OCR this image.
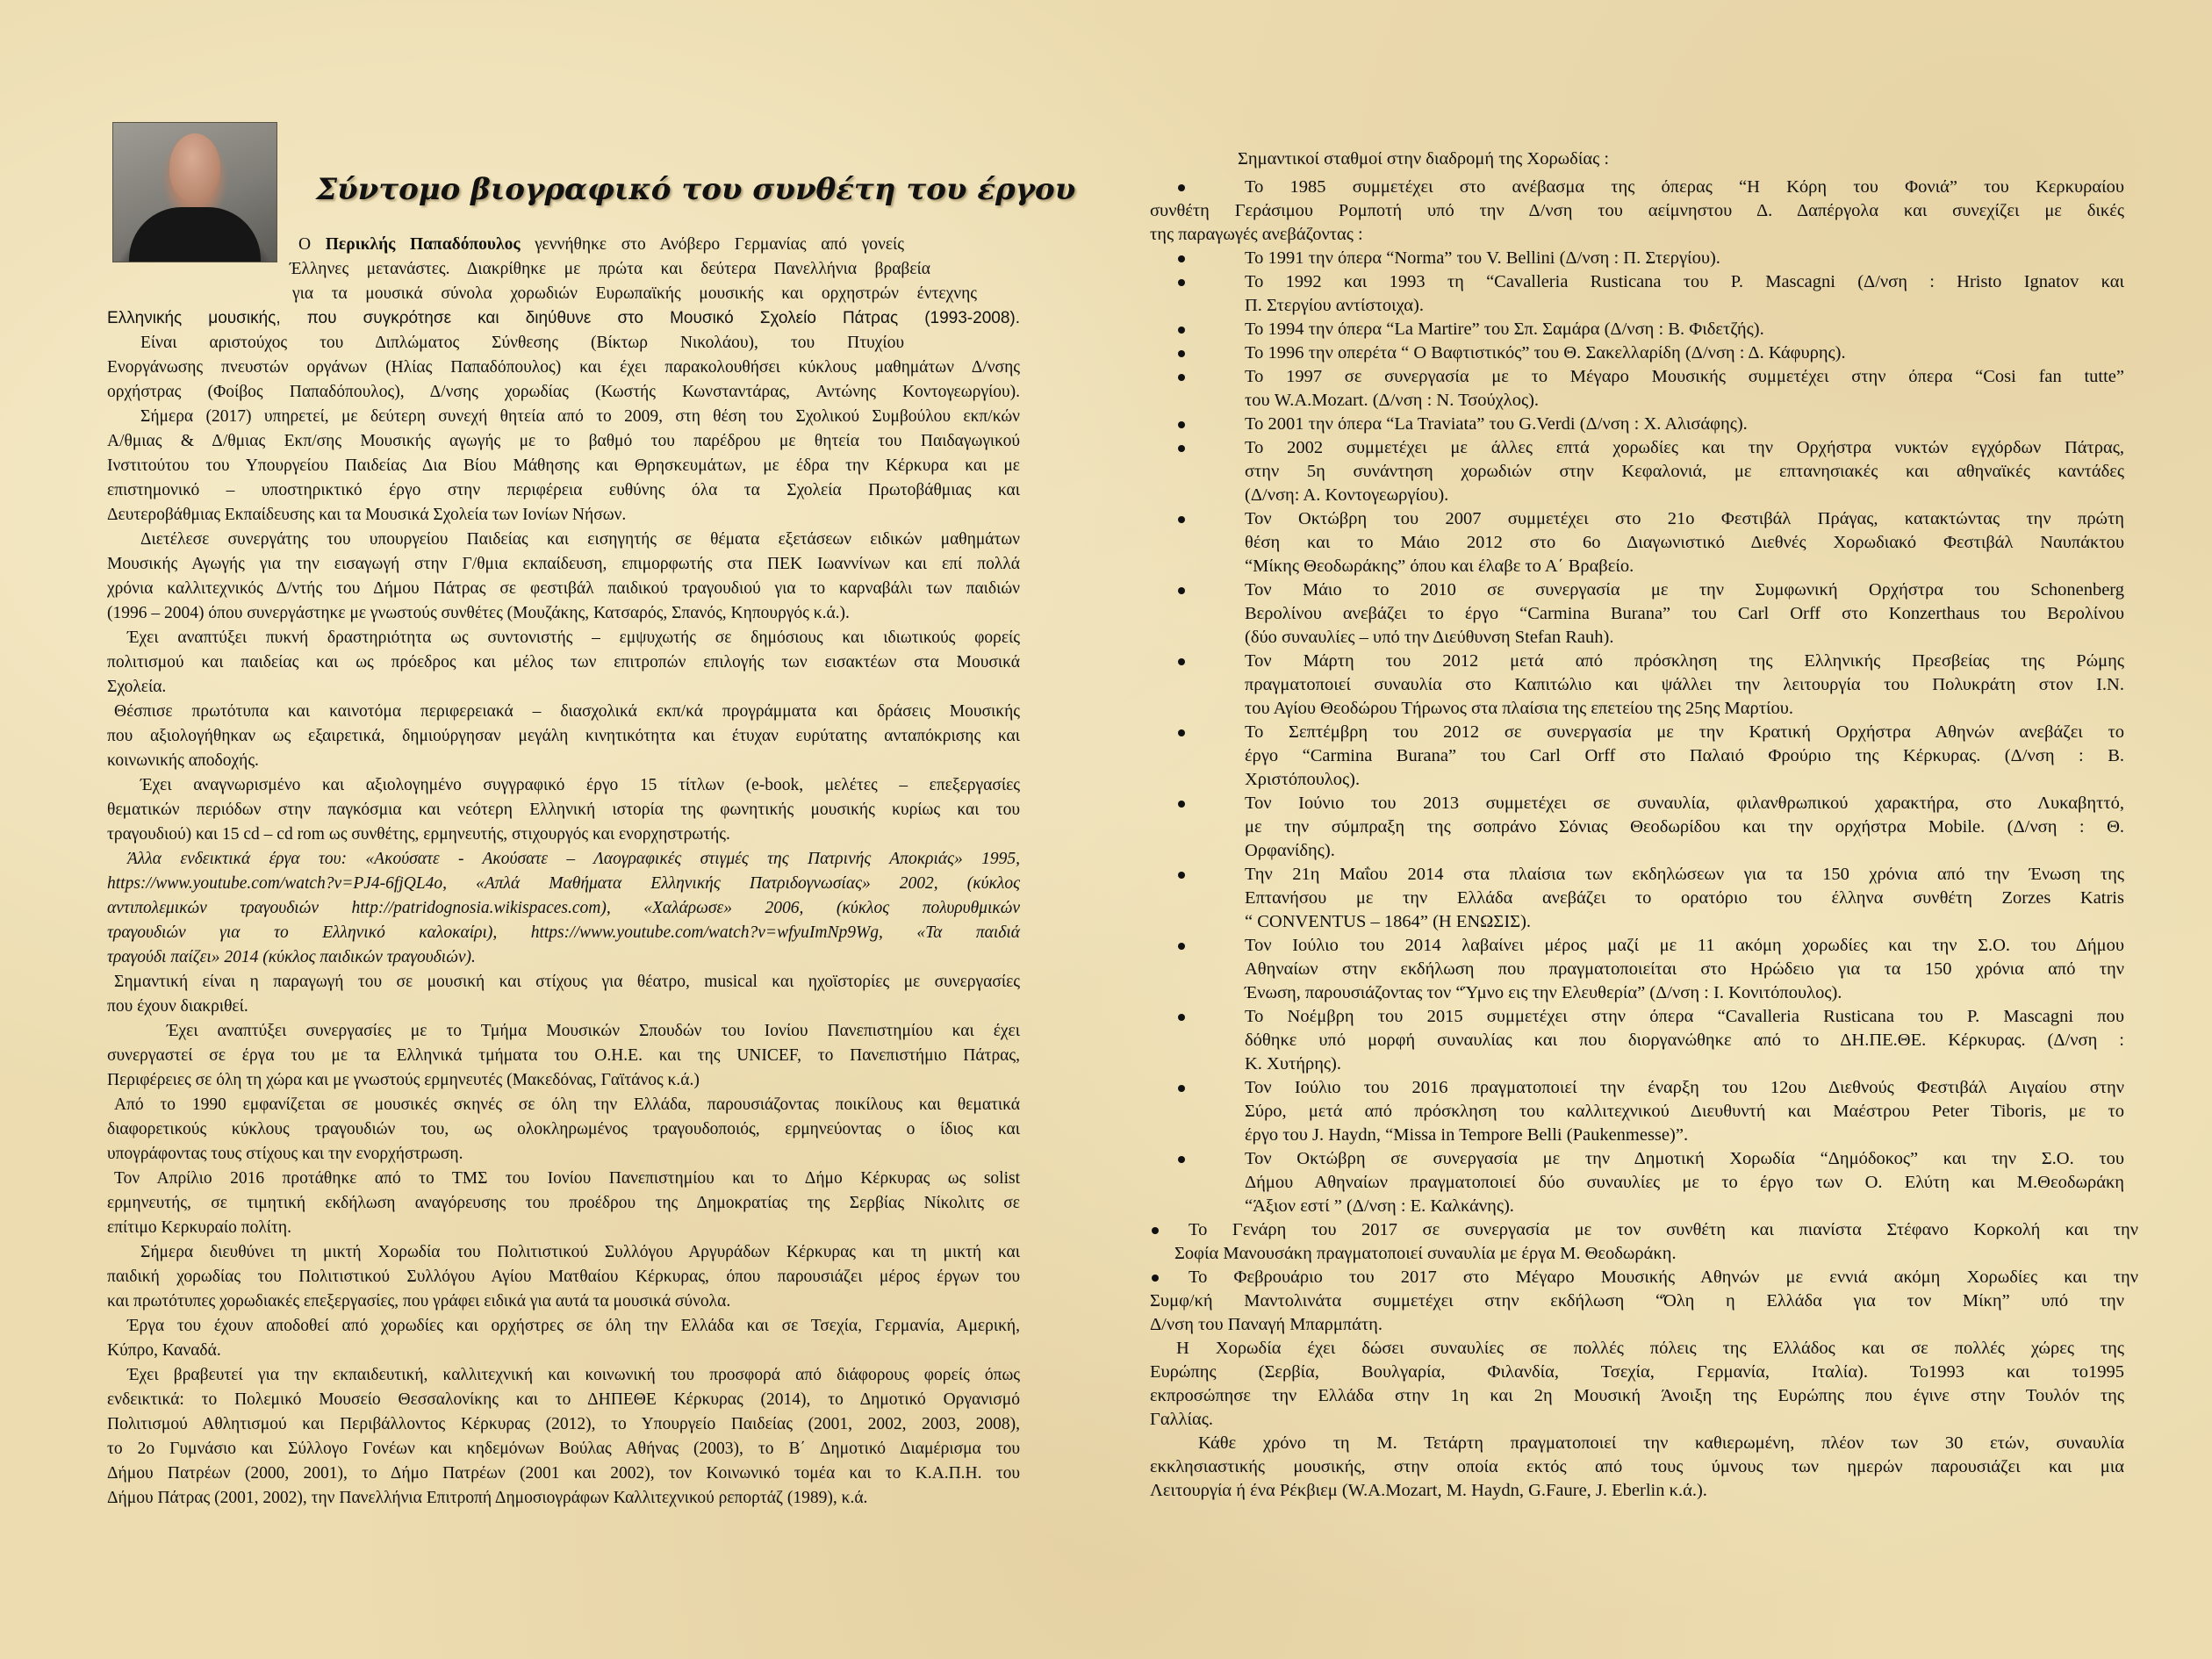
Σύντομο βιογραφικό του συνθέτη του έργου
Ο Περικλής Παπαδόπουλος γεννήθηκε στο Ανόβερο Γερμανίας από γονείς
Έλληνες μετανάστες. Διακρίθηκε με πρώτα και δεύτερα Πανελλήνια βραβεία
για τα μουσικά σύνολα χορωδιών Ευρωπαϊκής μουσικής και ορχηστρών έντεχνης
Ελληνικής μουσικής, που συγκρότησε και διηύθυνε στο Μουσικό Σχολείο Πάτρας (1993-2008).
Είναι αριστούχος του Διπλώματος Σύνθεσης (Βίκτωρ Νικολάου), του Πτυχίου
Ενοργάνωσης πνευστών οργάνων (Ηλίας Παπαδόπουλος) και έχει παρακολουθήσει κύκλους μαθημάτων Δ/νσης
ορχήστρας (Φοίβος Παπαδόπουλος), Δ/νσης χορωδίας (Κωστής Κωνσταντάρας, Αντώνης Κοντογεωργίου).
Σήμερα (2017) υπηρετεί, με δεύτερη συνεχή θητεία από το 2009, στη θέση του Σχολικού Συμβούλου εκπ/κών
Α/θμιας & Δ/θμιας Εκπ/σης Μουσικής αγωγής με το βαθμό του παρέδρου με θητεία του Παιδαγωγικού
Ινστιτούτου του Υπουργείου Παιδείας Δια Βίου Μάθησης και Θρησκευμάτων, με έδρα την Κέρκυρα και με
επιστημονικό – υποστηρικτικό έργο στην περιφέρεια ευθύνης όλα τα Σχολεία Πρωτοβάθμιας και
Δευτεροβάθμιας Εκπαίδευσης και τα Μουσικά Σχολεία των Ιονίων Νήσων.
Διετέλεσε συνεργάτης του υπουργείου Παιδείας και εισηγητής σε θέματα εξετάσεων ειδικών μαθημάτων
Μουσικής Αγωγής για την εισαγωγή στην Γ/θμια εκπαίδευση, επιμορφωτής στα ΠΕΚ Ιωαννίνων και επί πολλά
χρόνια καλλιτεχνικός Δ/ντής του Δήμου Πάτρας σε φεστιβάλ παιδικού τραγουδιού για το καρναβάλι των παιδιών
(1996 – 2004) όπου συνεργάστηκε με γνωστούς συνθέτες (Μουζάκης, Κατσαρός, Σπανός, Κηπουργός κ.ά.).
Έχει αναπτύξει πυκνή δραστηριότητα ως συντονιστής – εμψυχωτής σε δημόσιους και ιδιωτικούς φορείς
πολιτισμού και παιδείας και ως πρόεδρος και μέλος των επιτροπών επιλογής των εισακτέων στα Μουσικά
Σχολεία.
Θέσπισε πρωτότυπα και καινοτόμα περιφερειακά – διασχολικά εκπ/κά προγράμματα και δράσεις Μουσικής
που αξιολογήθηκαν ως εξαιρετικά, δημιούργησαν μεγάλη κινητικότητα και έτυχαν ευρύτατης ανταπόκρισης και
κοινωνικής αποδοχής.
Έχει αναγνωρισμένο και αξιολογημένο συγγραφικό έργο 15 τίτλων (e-book, μελέτες – επεξεργασίες
θεματικών περιόδων στην παγκόσμια και νεότερη Ελληνική ιστορία της φωνητικής μουσικής κυρίως και του
τραγουδιού) και 15 cd – cd rom ως συνθέτης, ερμηνευτής, στιχουργός και ενορχηστρωτής.
Άλλα ενδεικτικά έργα του: «Ακούσατε - Ακούσατε – Λαογραφικές στιγμές της Πατρινής Αποκριάς» 1995,
https://www.youtube.com/watch?v=PJ4-6fjQL4o, «Απλά Μαθήματα Ελληνικής Πατριδογνωσίας» 2002, (κύκλος
αντιπολεμικών τραγουδιών http://patridognosia.wikispaces.com), «Χαλάρωσε» 2006, (κύκλος πολυρυθμικών
τραγουδιών για το Ελληνικό καλοκαίρι), https://www.youtube.com/watch?v=wfyuImNp9Wg, «Τα παιδιά
τραγούδι παίζει» 2014 (κύκλος παιδικών τραγουδιών).
Σημαντική είναι η παραγωγή του σε μουσική και στίχους για θέατρο, musical και ηχοϊστορίες με συνεργασίες
που έχουν διακριθεί.
Έχει αναπτύξει συνεργασίες με το Τμήμα Μουσικών Σπουδών του Ιονίου Πανεπιστημίου και έχει
συνεργαστεί σε έργα του με τα Ελληνικά τμήματα του Ο.Η.Ε. και της UNICEF, το Πανεπιστήμιο Πάτρας,
Περιφέρειες σε όλη τη χώρα και με γνωστούς ερμηνευτές (Μακεδόνας, Γαϊτάνος κ.ά.)
Από το 1990 εμφανίζεται σε μουσικές σκηνές σε όλη την Ελλάδα, παρουσιάζοντας ποικίλους και θεματικά
διαφορετικούς κύκλους τραγουδιών του, ως ολοκληρωμένος τραγουδοποιός, ερμηνεύοντας ο ίδιος και
υπογράφοντας τους στίχους και την ενορχήστρωση.
Τον Απρίλιο 2016 προτάθηκε από το ΤΜΣ του Ιονίου Πανεπιστημίου και το Δήμο Κέρκυρας ως solist
ερμηνευτής, σε τιμητική εκδήλωση αναγόρευσης του προέδρου της Δημοκρατίας της Σερβίας Νίκολιτς σε
επίτιμο Κερκυραίο πολίτη.
Σήμερα διευθύνει τη μικτή Χορωδία του Πολιτιστικού Συλλόγου Αργυράδων Κέρκυρας και τη μικτή και
παιδική χορωδίας του Πολιτιστικού Συλλόγου Αγίου Ματθαίου Κέρκυρας, όπου παρουσιάζει μέρος έργων του
και πρωτότυπες χορωδιακές επεξεργασίες, που γράφει ειδικά για αυτά τα μουσικά σύνολα.
Έργα του έχουν αποδοθεί από χορωδίες και ορχήστρες σε όλη την Ελλάδα και σε Τσεχία, Γερμανία, Αμερική,
Κύπρο, Καναδά.
Έχει βραβευτεί για την εκπαιδευτική, καλλιτεχνική και κοινωνική του προσφορά από διάφορους φορείς όπως
ενδεικτικά: το Πολεμικό Μουσείο Θεσσαλονίκης και το ΔΗΠΕΘΕ Κέρκυρας (2014), το Δημοτικό Οργανισμό
Πολιτισμού Αθλητισμού και Περιβάλλοντος Κέρκυρας (2012), το Υπουργείο Παιδείας (2001, 2002, 2003, 2008),
το 2ο Γυμνάσιο και Σύλλογο Γονέων και κηδεμόνων Βούλας Αθήνας (2003), το Β΄ Δημοτικό Διαμέρισμα του
Δήμου Πατρέων (2000, 2001), το Δήμο Πατρέων (2001 και 2002), τον Κοινωνικό τομέα και το Κ.Α.Π.Η. του
Δήμου Πάτρας (2001, 2002), την Πανελλήνια Επιτροπή Δημοσιογράφων Καλλιτεχνικού ρεπορτάζ (1989), κ.ά.
Σημαντικοί σταθμοί στην διαδρομή της Χορωδίας :
Το 1985 συμμετέχει στο ανέβασμα της όπερας “Η Κόρη του Φονιά” του Κερκυραίου
συνθέτη Γεράσιμου Ρομποτή υπό την Δ/νση του αείμνηστου Δ. Δαπέργολα και συνεχίζει με δικές
της παραγωγές ανεβάζοντας :
Το 1991 την όπερα “Norma” του V. Bellini (Δ/νση : Π. Στεργίου).
Το 1992 και 1993 τη “Cavalleria Rusticana του P. Mascagni (Δ/νση : Hristo Ignatov και
Π. Στεργίου αντίστοιχα).
Το 1994 την όπερα “La Martire” του Σπ. Σαμάρα (Δ/νση : Β. Φιδετζής).
Το 1996 την οπερέτα “ Ο Βαφτιστικός” του Θ. Σακελλαρίδη (Δ/νση : Δ. Κάφυρης).
Το 1997 σε συνεργασία με το Μέγαρο Μουσικής συμμετέχει στην όπερα “Cosi fan tutte”
του W.A.Mozart. (Δ/νση : Ν. Τσούχλος).
Το 2001 την όπερα “La Traviata” του G.Verdi (Δ/νση : Χ. Αλισάφης).
Το 2002 συμμετέχει με άλλες επτά χορωδίες και την Ορχήστρα νυκτών εγχόρδων Πάτρας,
στην 5η συνάντηση χορωδιών στην Κεφαλονιά, με επτανησιακές και αθηναϊκές καντάδες
(Δ/νση: Α. Κοντογεωργίου).
Τον Οκτώβρη του 2007 συμμετέχει στο 21ο Φεστιβάλ Πράγας, κατακτώντας την πρώτη
θέση και το Μάιο 2012 στο 6ο Διαγωνιστικό Διεθνές Χορωδιακό Φεστιβάλ Ναυπάκτου
“Μίκης Θεοδωράκης” όπου και έλαβε το Α΄ Βραβείο.
Τον Μάιο το 2010 σε συνεργασία με την Συμφωνική Ορχήστρα του Schonenberg
Βερολίνου ανεβάζει το έργο “Carmina Burana” του Carl Orff στο Konzerthaus του Βερολίνου
(δύο συναυλίες – υπό την Διεύθυνση Stefan Rauh).
Τον Μάρτη του 2012 μετά από πρόσκληση της Ελληνικής Πρεσβείας της Ρώμης
πραγματοποιεί συναυλία στο Καπιτώλιο και ψάλλει την λειτουργία του Πολυκράτη στον Ι.Ν.
του Αγίου Θεοδώρου Τήρωνος στα πλαίσια της επετείου της 25ης Μαρτίου.
Το Σεπτέμβρη του 2012 σε συνεργασία με την Κρατική Ορχήστρα Αθηνών ανεβάζει το
έργο “Carmina Burana” του Carl Orff στο Παλαιό Φρούριο της Κέρκυρας. (Δ/νση : Β.
Χριστόπουλος).
Τον Ιούνιο του 2013 συμμετέχει σε συναυλία, φιλανθρωπικού χαρακτήρα, στο Λυκαβηττό,
με την σύμπραξη της σοπράνο Σόνιας Θεοδωρίδου και την ορχήστρα Mobile. (Δ/νση : Θ.
Ορφανίδης).
Την 21η Μαΐου 2014 στα πλαίσια των εκδηλώσεων για τα 150 χρόνια από την Ένωση της
Επτανήσου με την Ελλάδα ανεβάζει το ορατόριο του έλληνα συνθέτη Zorzes Katris
“ CONVENTUS – 1864” (Η ΕΝΩΣΙΣ).
Τον Ιούλιο του 2014 λαβαίνει μέρος μαζί με 11 ακόμη χορωδίες και την Σ.Ο. του Δήμου
Αθηναίων στην εκδήλωση που πραγματοποιείται στο Ηρώδειο για τα 150 χρόνια από την
Ένωση, παρουσιάζοντας τον “Ύμνο εις την Ελευθερία” (Δ/νση : Ι. Κονιτόπουλος).
Το Νοέμβρη του 2015 συμμετέχει στην όπερα “Cavalleria Rusticana του P. Mascagni που
δόθηκε υπό μορφή συναυλίας και που διοργανώθηκε από το ΔΗ.ΠΕ.ΘΕ. Κέρκυρας. (Δ/νση :
Κ. Χυτήρης).
Τον Ιούλιο του 2016 πραγματοποιεί την έναρξη του 12ου Διεθνούς Φεστιβάλ Αιγαίου στην
Σύρο, μετά από πρόσκληση του καλλιτεχνικού Διευθυντή και Μαέστρου Peter Tiboris, με το
έργο του J. Haydn, “Missa in Tempore Belli (Paukenmesse)”.
Τον Οκτώβρη σε συνεργασία με την Δημοτική Χορωδία “Δημόδοκος” και την Σ.Ο. του
Δήμου Αθηναίων πραγματοποιεί δύο συναυλίες με το έργο των Ο. Ελύτη και Μ.Θεοδωράκη
“Άξιον εστί ” (Δ/νση : Ε. Καλκάνης).
Το Γενάρη του 2017 σε συνεργασία με τον συνθέτη και πιανίστα Στέφανο Κορκολή και την
Σοφία Μανουσάκη πραγματοποιεί συναυλία με έργα Μ. Θεοδωράκη.
Το Φεβρουάριο του 2017 στο Μέγαρο Μουσικής Αθηνών με εννιά ακόμη Χορωδίες και την
Συμφ/κή Μαντολινάτα συμμετέχει στην εκδήλωση “Όλη η Ελλάδα για τον Μίκη” υπό την
Δ/νση του Παναγή Μπαρμπάτη.
Η Χορωδία έχει δώσει συναυλίες σε πολλές πόλεις της Ελλάδος και σε πολλές χώρες της
Ευρώπης (Σερβία, Βουλγαρία, Φιλανδία, Τσεχία, Γερμανία, Ιταλία). Το1993 και το1995
εκπροσώπησε την Ελλάδα στην 1η και 2η Μουσική Άνοιξη της Ευρώπης που έγινε στην Τουλόν της
Γαλλίας.
Κάθε χρόνο τη Μ. Τετάρτη πραγματοποιεί την καθιερωμένη, πλέον των 30 ετών, συναυλία
εκκλησιαστικής μουσικής, στην οποία εκτός από τους ύμνους των ημερών παρουσιάζει και μια
Λειτουργία ή ένα Ρέκβιεμ (W.A.Mozart, M. Haydn, G.Faure, J. Eberlin κ.ά.).
